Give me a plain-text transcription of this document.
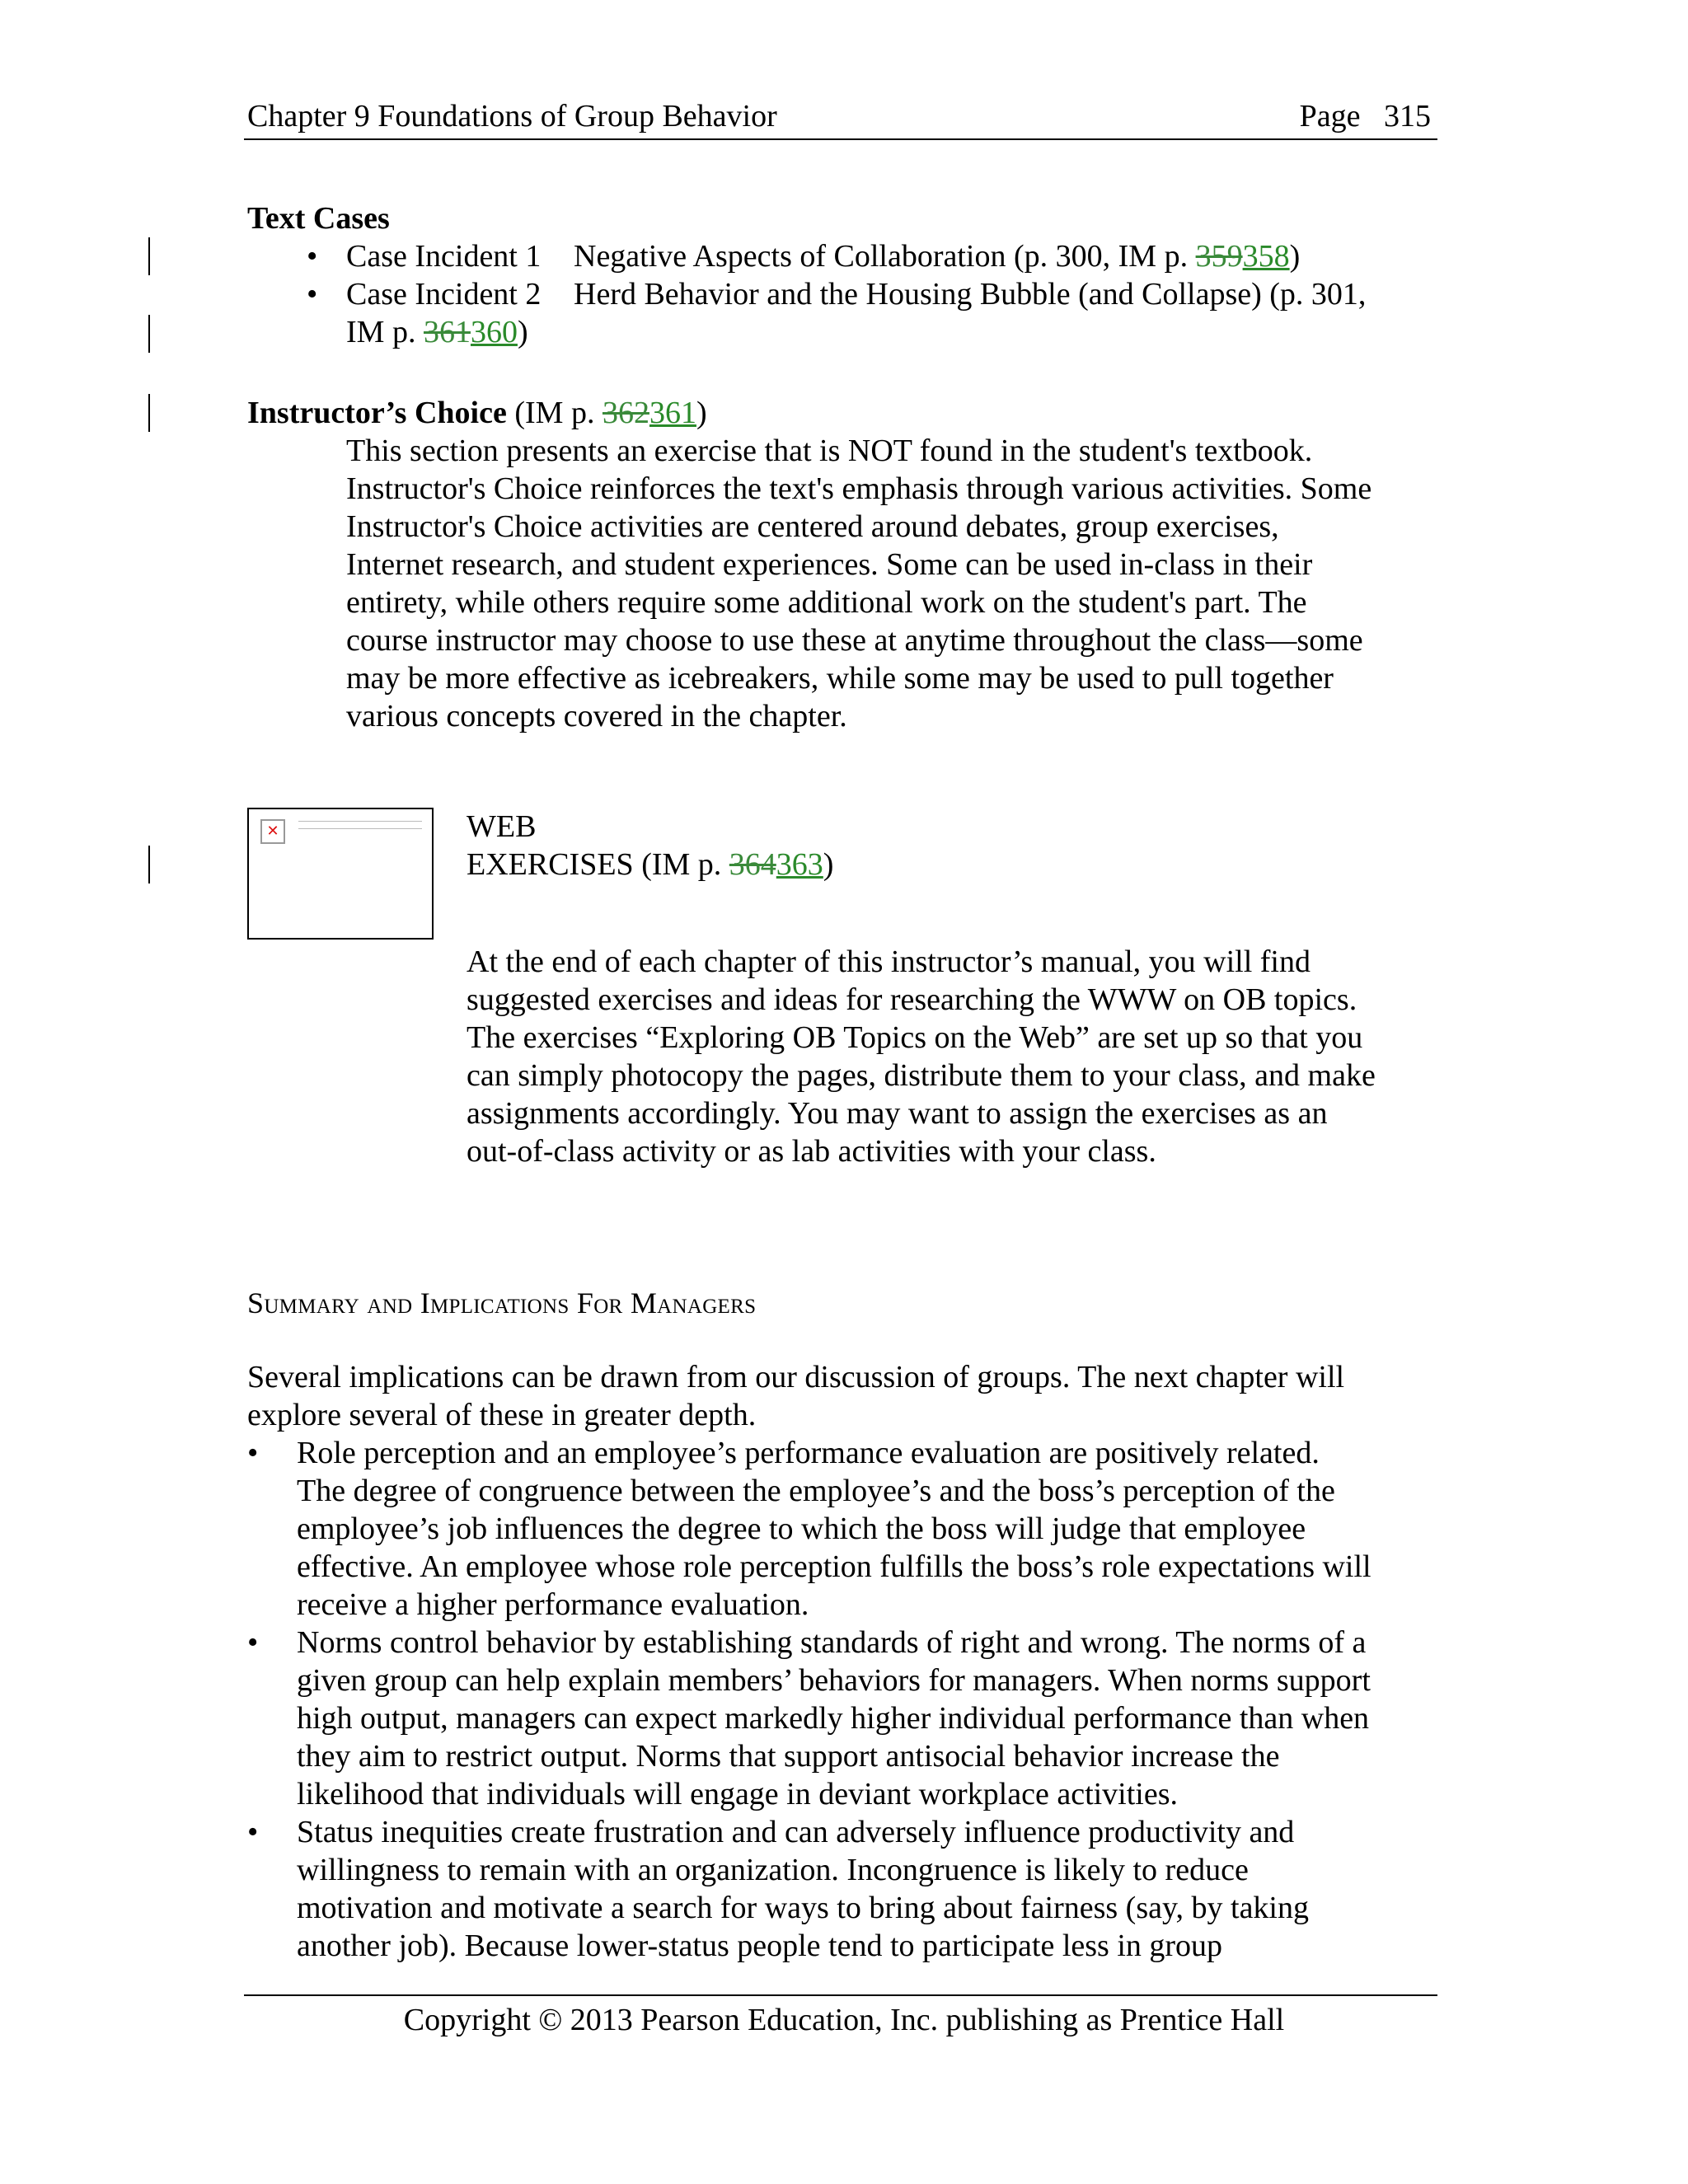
Chapter 9 Foundations of Group Behavior	Page   315
Text Cases
• Case Incident 1 Negative Aspects of Collaboration (p. 300, IM p. 359358)
• Case Incident 2 Herd Behavior and the Housing Bubble (and Collapse) (p. 301,
IM p. 361360)
Instructor’s Choice (IM p. 362361)
This section presents an exercise that is NOT found in the student's textbook.
Instructor's Choice reinforces the text's emphasis through various activities. Some
Instructor's Choice activities are centered around debates, group exercises,
Internet research, and student experiences. Some can be used in-class in their
entirety, while others require some additional work on the student's part. The
course instructor may choose to use these at anytime throughout the class—some
may be more effective as icebreakers, while some may be used to pull together
various concepts covered in the chapter.
✕	WEB
EXERCISES (IM p. 364363)
At the end of each chapter of this instructor’s manual, you will find
suggested exercises and ideas for researching the WWW on OB topics.
The exercises “Exploring OB Topics on the Web” are set up so that you
can simply photocopy the pages, distribute them to your class, and make
assignments accordingly. You may want to assign the exercises as an
out-of-class activity or as lab activities with your class.
Summary and Implications For Managers
Several implications can be drawn from our discussion of groups. The next chapter will
explore several of these in greater depth.
• Role perception and an employee’s performance evaluation are positively related.
The degree of congruence between the employee’s and the boss’s perception of the
employee’s job influences the degree to which the boss will judge that employee
effective. An employee whose role perception fulfills the boss’s role expectations will
receive a higher performance evaluation.
• Norms control behavior by establishing standards of right and wrong. The norms of a
given group can help explain members’ behaviors for managers. When norms support
high output, managers can expect markedly higher individual performance than when
they aim to restrict output. Norms that support antisocial behavior increase the
likelihood that individuals will engage in deviant workplace activities.
• Status inequities create frustration and can adversely influence productivity and
willingness to remain with an organization. Incongruence is likely to reduce
motivation and motivate a search for ways to bring about fairness (say, by taking
another job). Because lower-status people tend to participate less in group
Copyright © 2013 Pearson Education, Inc. publishing as Prentice Hall
